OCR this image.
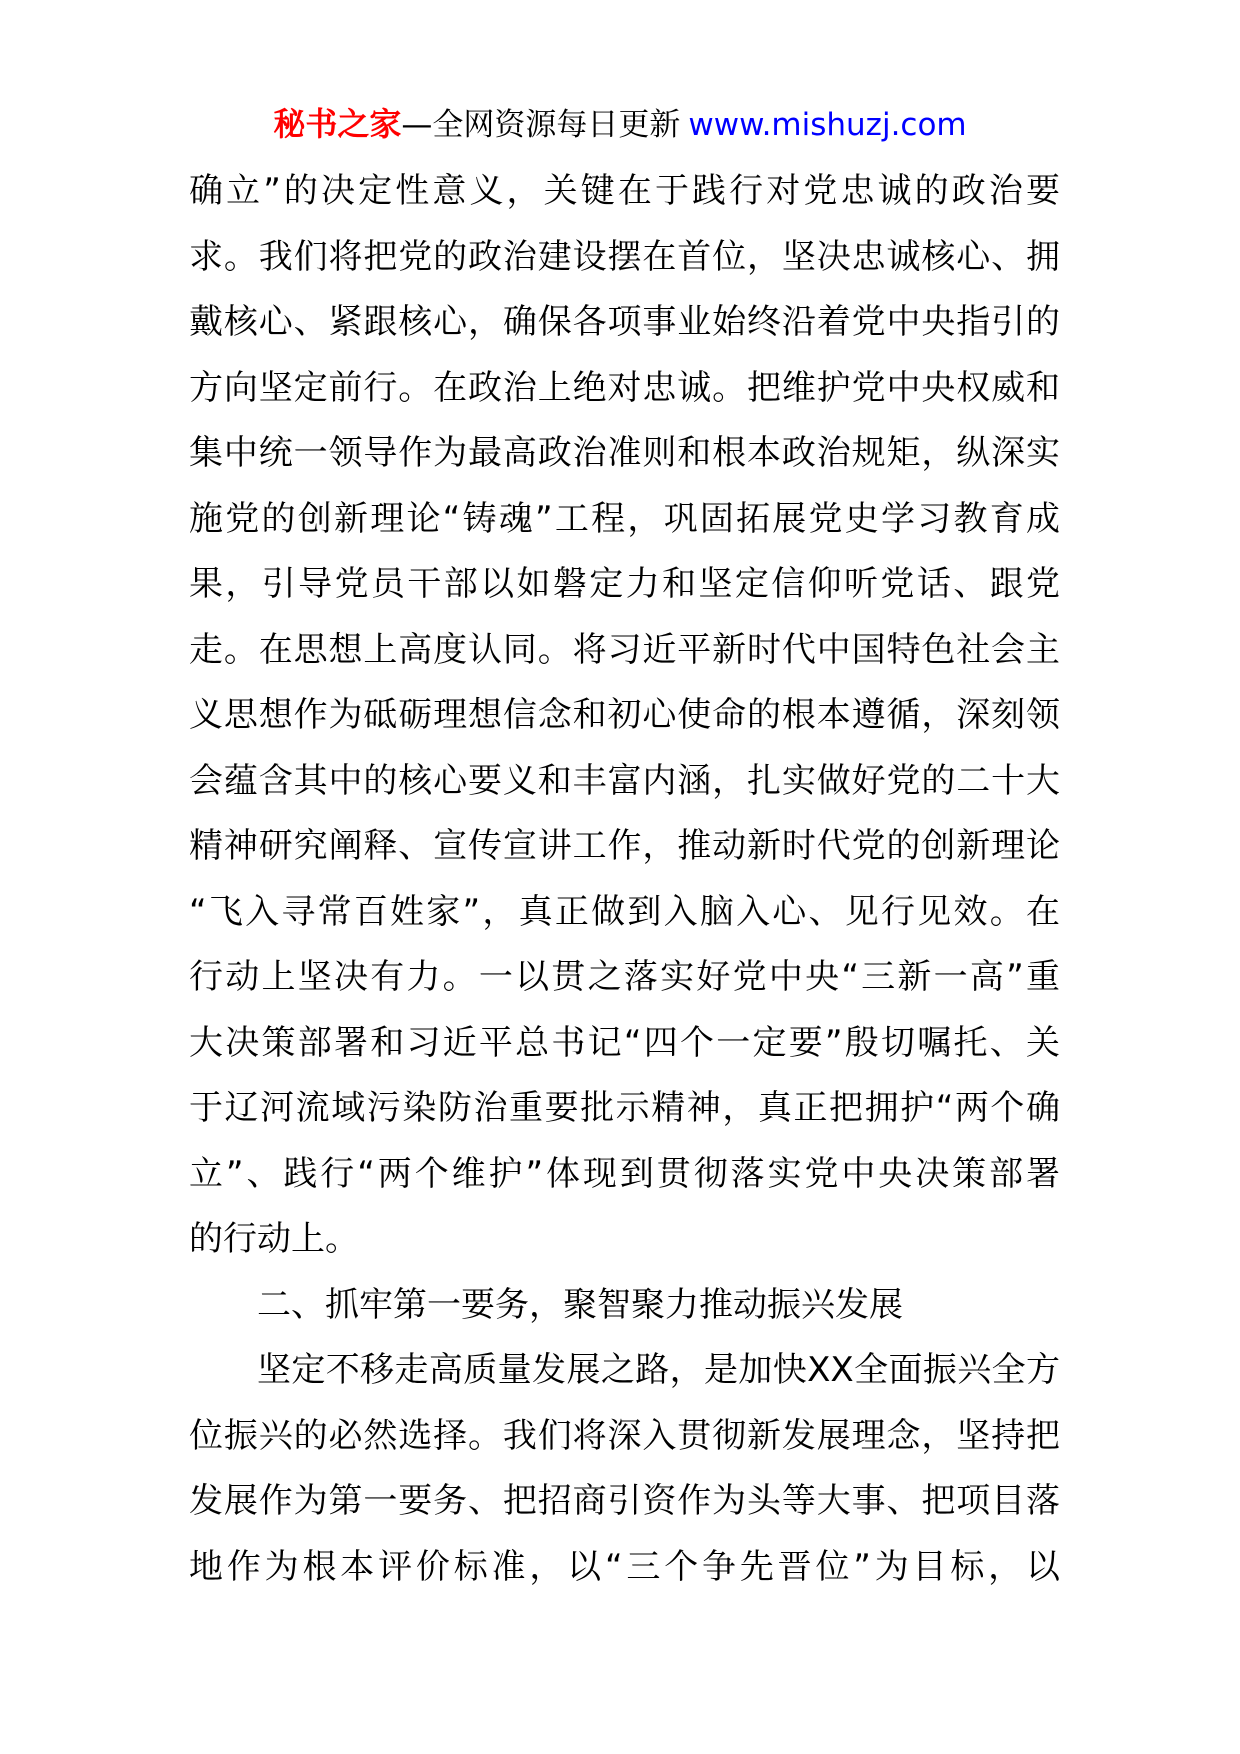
秘书之家—全网资源每日更新 www.mishuzj.com
确立”的决定性意义，关键在于践行对党忠诚的政治要
求。我们将把党的政治建设摆在首位，坚决忠诚核心、拥
戴核心、紧跟核心，确保各项事业始终沿着党中央指引的
方向坚定前行。在政治上绝对忠诚。把维护党中央权威和
集中统一领导作为最高政治准则和根本政治规矩，纵深实
施党的创新理论“铸魂”工程，巩固拓展党史学习教育成
果，引导党员干部以如磐定力和坚定信仰听党话、跟党
走。在思想上高度认同。将习近平新时代中国特色社会主
义思想作为砥砺理想信念和初心使命的根本遵循，深刻领
会蕴含其中的核心要义和丰富内涵，扎实做好党的二十大
精神研究阐释、宣传宣讲工作，推动新时代党的创新理论
“飞入寻常百姓家”，真正做到入脑入心、见行见效。在
行动上坚决有力。一以贯之落实好党中央“三新一高”重
大决策部署和习近平总书记“四个一定要”殷切嘱托、关
于辽河流域污染防治重要批示精神，真正把拥护“两个确
立”、践行“两个维护”体现到贯彻落实党中央决策部署
的行动上。
二、抓牢第一要务，聚智聚力推动振兴发展
坚定不移走高质量发展之路，是加快XX全面振兴全方
位振兴的必然选择。我们将深入贯彻新发展理念，坚持把
发展作为第一要务、把招商引资作为头等大事、把项目落
地作为根本评价标准，以“三个争先晋位”为目标，以
